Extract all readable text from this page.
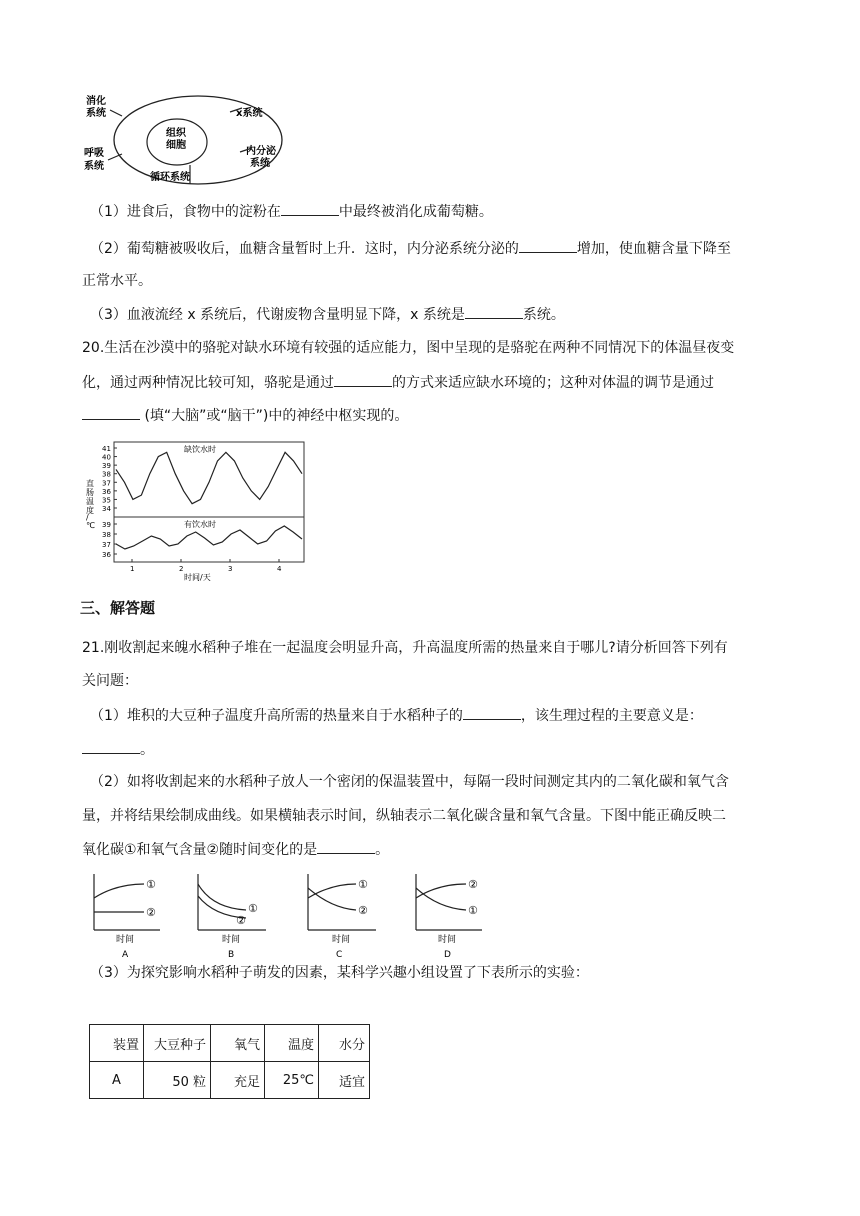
组织
细胞
消化
系统	x系统
呼吸
系统
内分泌
系统
循环系统
（1）进食后，食物中的淀粉在	中最终被消化成葡萄糖。
（2）葡萄糖被吸收后，血糖含量暂时上升．这时，内分泌系统分泌的	增加，使血糖含量下降至
正常水平。
（3）血液流经 x 系统后，代谢废物含量明显下降，x 系统是	系统。
20.生活在沙漠中的骆驼对缺水环境有较强的适应能力，图中呈现的是骆驼在两种不同情况下的体温昼夜变
化，通过两种情况比较可知，骆驼是通过	的方式来适应缺水环境的；这种对体温的调节是通过
(填“大脑”或“脑干”)中的神经中枢实现的。
缺饮水时
有饮水时
直
肠
温
度
/
℃
时间/天
41
40
39
38
37
36
35
34
39
38
37
36
1	2	3	4
三、解答题
21.刚收割起来魄水稻种子堆在一起温度会明显升高，升高温度所需的热量来自于哪儿?请分析回答下列有
关问题：
（1）堆积的大豆种子温度升高所需的热量来自于水稻种子的	，该生理过程的主要意义是：
。
（2）如将收割起来的水稻种子放人一个密闭的保温装置中，每隔一段时间测定其内的二氧化碳和氧气含
量，并将结果绘制成曲线。如果横轴表示时间，纵轴表示二氧化碳含量和氧气含量。下图中能正确反映二
氧化碳①和氧气含量②随时间变化的是	。
①
②
时间
A
①
②
时间
B
①
②
时间
C
②
①
时间
D
（3）为探究影响水稻种子萌发的因素，某科学兴趣小组设置了下表所示的实验：
装置	大豆种子	氧气	温度	水分
A	50 粒	充足	25℃	适宜
